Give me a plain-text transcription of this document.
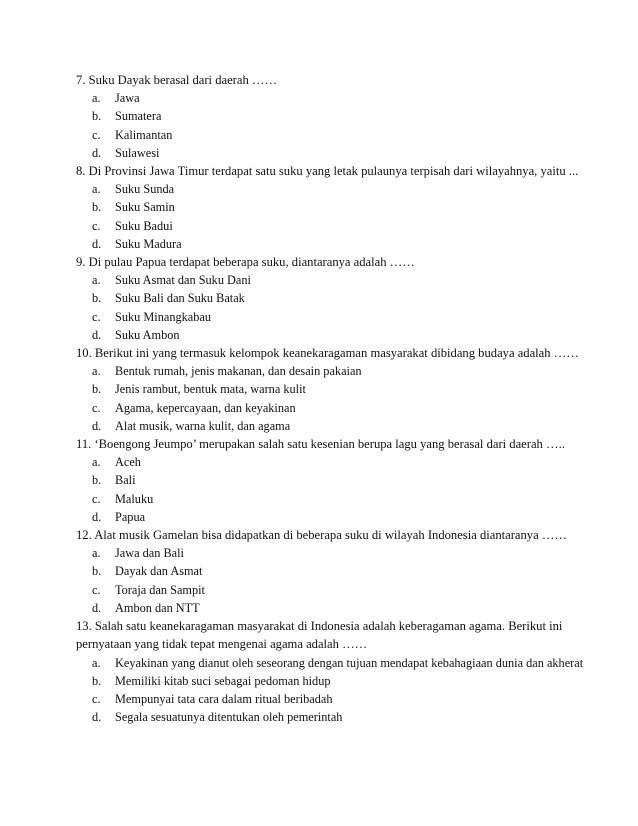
7. Suku Dayak berasal dari daerah ……
a.	Jawa
b.	Sumatera
c.	Kalimantan
d.	Sulawesi
8. Di Provinsi Jawa Timur terdapat satu suku yang letak pulaunya terpisah dari wilayahnya, yaitu ...
a.	Suku Sunda
b.	Suku Samin
c.	Suku Badui
d.	Suku Madura
9. Di pulau Papua terdapat beberapa suku, diantaranya adalah ……
a.	Suku Asmat dan Suku Dani
b.	Suku Bali dan Suku Batak
c.	Suku Minangkabau
d.	Suku Ambon
10. Berikut ini yang termasuk kelompok keanekaragaman masyarakat dibidang budaya adalah ……
a.	Bentuk rumah, jenis makanan, dan desain pakaian
b.	Jenis rambut, bentuk mata, warna kulit
c.	Agama, kepercayaan, dan keyakinan
d.	Alat musik, warna kulit, dan agama
11. ‘Boengong Jeumpo’ merupakan salah satu kesenian berupa lagu yang berasal dari daerah …..
a.	Aceh
b.	Bali
c.	Maluku
d.	Papua
12. Alat musik Gamelan bisa didapatkan di beberapa suku di wilayah Indonesia diantaranya ……
a.	Jawa dan Bali
b.	Dayak dan Asmat
c.	Toraja dan Sampit
d.	Ambon dan NTT
13. Salah satu keanekaragaman masyarakat di Indonesia adalah keberagaman agama. Berikut ini pernyataan yang tidak tepat mengenai agama adalah ……
a.	Keyakinan yang dianut oleh seseorang dengan tujuan mendapat kebahagiaan dunia dan akherat
b.	Memiliki kitab suci sebagai pedoman hidup
c.	Mempunyai tata cara dalam ritual beribadah
d.	Segala sesuatunya ditentukan oleh pemerintah
